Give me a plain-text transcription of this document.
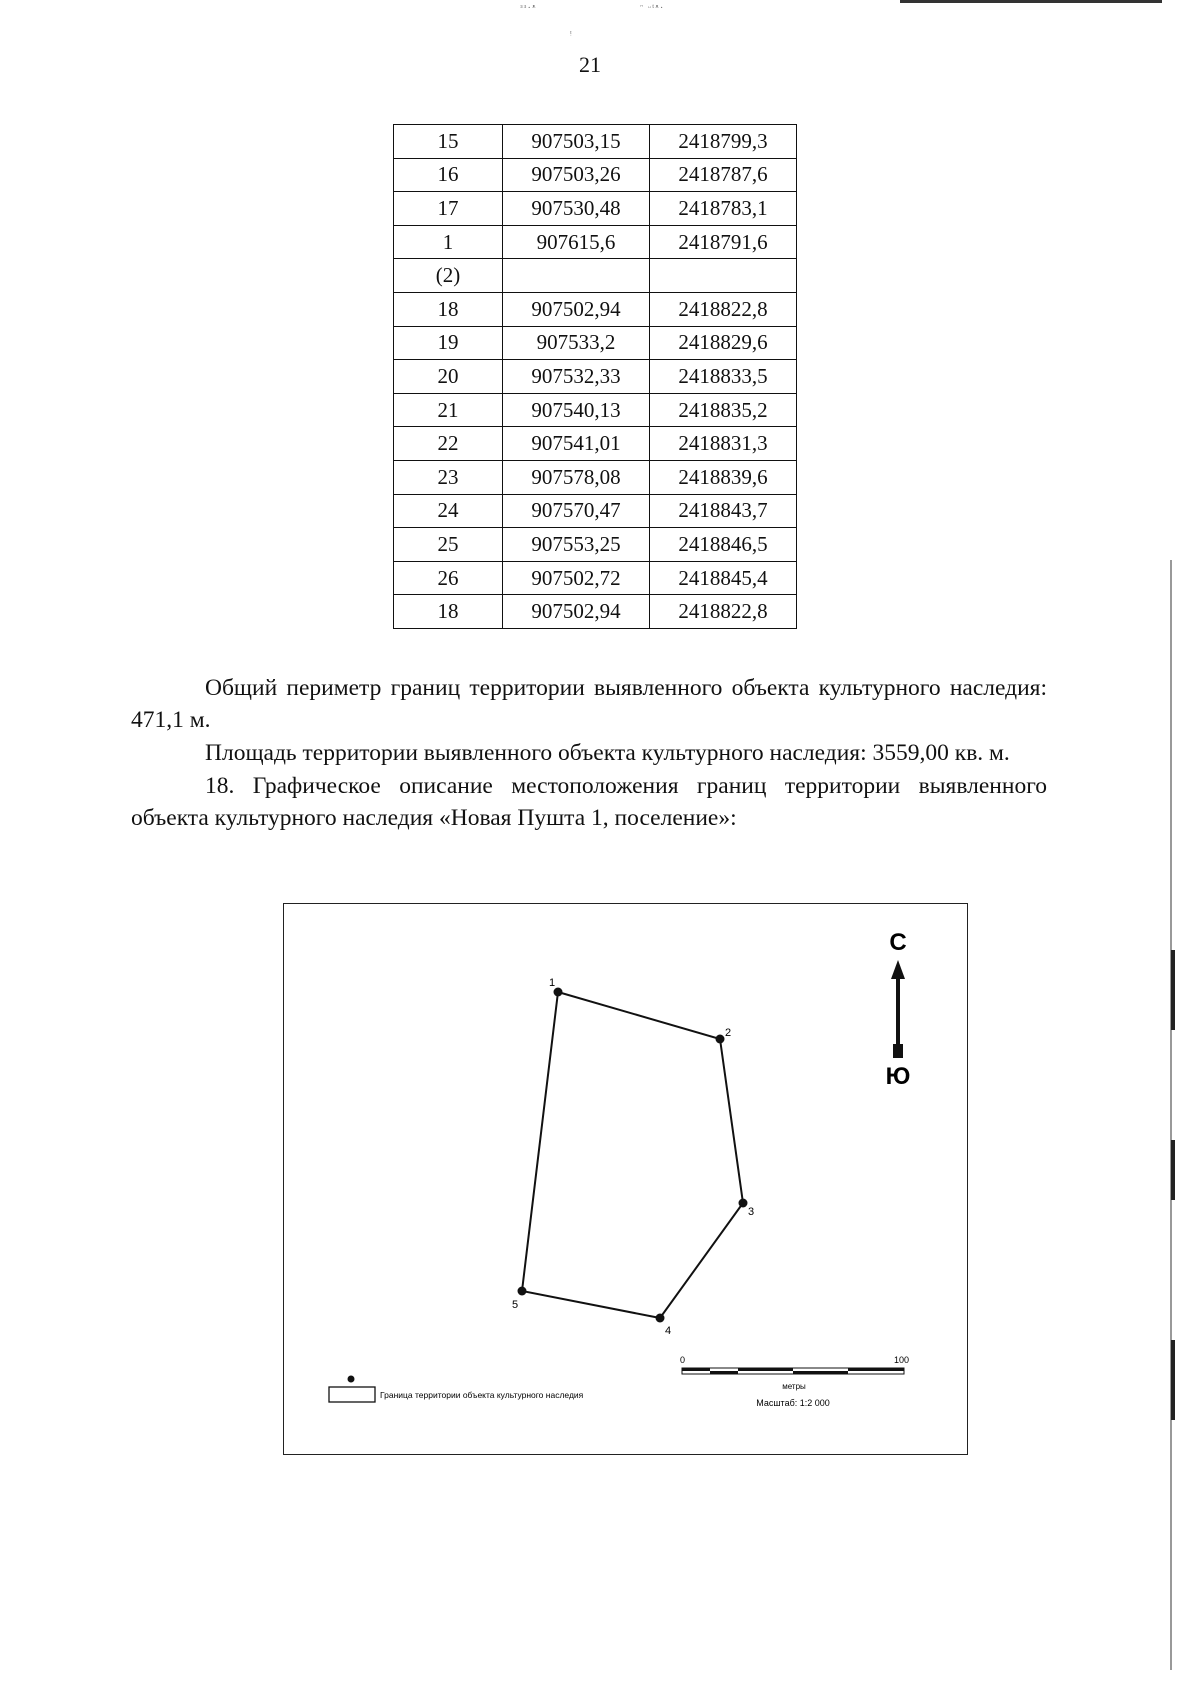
ᵌᵌ·ᵜ	ᵔ ᵕᵗᵜ·
ᵎ
21
15	907503,15	2418799,3
16	907503,26	2418787,6
17	907530,48	2418783,1
1	907615,6	2418791,6
(2)		
18	907502,94	2418822,8
19	907533,2	2418829,6
20	907532,33	2418833,5
21	907540,13	2418835,2
22	907541,01	2418831,3
23	907578,08	2418839,6
24	907570,47	2418843,7
25	907553,25	2418846,5
26	907502,72	2418845,4
18	907502,94	2418822,8

Общий периметр границ территории выявленного объекта культурного наследия: 471,1 м.

Площадь территории выявленного объекта культурного наследия: 3559,00 кв. м.

18. Графическое описание местоположения границ территории выявленного объекта культурного наследия «Новая Пушта 1, поселение»:

1
2
3
4
5
С
Ю
0	100
метры
Масштаб: 1:2 000
Граница территории объекта культурного наследия
